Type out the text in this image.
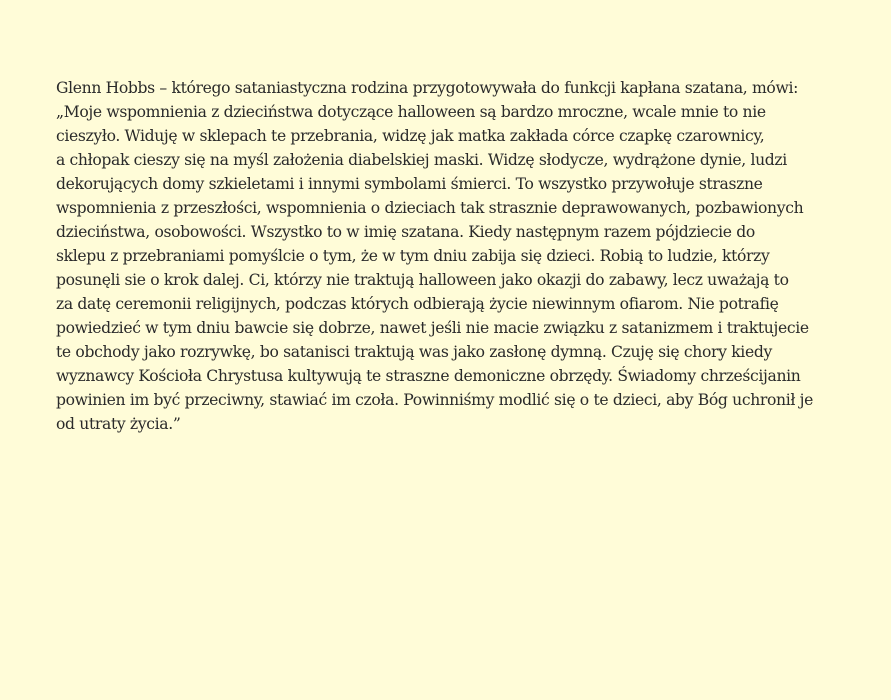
Glenn Hobbs – którego sataniastyczna rodzina przygotowywała do funkcji kapłana szatana, mówi:
„Moje wspomnienia z dzieciństwa dotyczące halloween są bardzo mroczne, wcale mnie to nie
cieszyło. Widuję w sklepach te przebrania, widzę jak matka zakłada córce czapkę czarownicy,
a chłopak cieszy się na myśl założenia diabelskiej maski. Widzę słodycze, wydrążone dynie, ludzi
dekorujących domy szkieletami i innymi symbolami śmierci. To wszystko przywołuje straszne
wspomnienia z przeszłości, wspomnienia o dzieciach tak strasznie deprawowanych, pozbawionych
dzieciństwa, osobowości. Wszystko to w imię szatana. Kiedy następnym razem pójdziecie do
sklepu z przebraniami pomyślcie o tym, że w tym dniu zabija się dzieci. Robią to ludzie, którzy
posunęli sie o krok dalej. Ci, którzy nie traktują halloween jako okazji do zabawy, lecz uważają to
za datę ceremonii religijnych, podczas których odbierają życie niewinnym ofiarom. Nie potrafię
powiedzieć w tym dniu bawcie się dobrze, nawet jeśli nie macie związku z satanizmem i traktujecie
te obchody jako rozrywkę, bo satanisci traktują was jako zasłonę dymną. Czuję się chory kiedy
wyznawcy Kościoła Chrystusa kultywują te straszne demoniczne obrzędy. Świadomy chrześcijanin
powinien im być przeciwny, stawiać im czoła. Powinniśmy modlić się o te dzieci, aby Bóg uchronił je
od utraty życia.”
